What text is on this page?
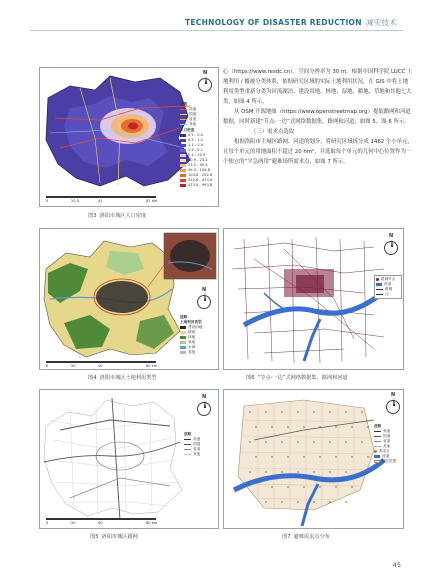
TECHNOLOGY OF DISASTER REDUCTION 减灾技术
N
道路
高速
国道
省道
其他
人口密度
0.1 - 0.5
0.5 - 1.1
1.1 - 2.4
2.4 - 5.1
5.1 - 10.9
10.9 - 23.2
23.2 - 49.3
49.3 - 104.8
104.8 - 222.6
222.6 - 473.0
473.0 - 993.8
0	20.5	41	82 km
图3 洛阳市城区人口密度

心（https://www.resdc.cn），空间分辨率为 30 m。根据中国科学院 LUCC 土地利用 / 覆被分类体系，依据研究区域的实际土地利用状况，在 GIS 中将土地利用类型重新分类为河流湖泊、建设用地、林地、湿地、耕地、草地和其他七大类，如图 4 所示。

从 OSM 开源地图（https://www.openstreetmap.org）提取路网和河道数据，同时新建“节点-一边”式网络数据集，路网和河道，如图 5、图 6 所示。

（三）需求点选取

根据洛阳市主城区路网、河道的划分，将研究区域拆分成 1462 个小单元，且每个单元的用地面积不超过 20 hm²，并选取每个单元的几何中心位置作为一个独立的“平急两用”避难场所需求点，如图 7 所示。

N
道路
土地利用类型
建设用地
耕地
林地
草地
水域
其他
0	20	40	80 km
图4 洛阳市城区土地利用类型
N
路网节点
河道
路网
边
图6 “节点-一边”式网络数据集、路网和河道
N
道路
高速
国道
省道
其他
0	20	40	80 km
图5 洛阳市城区路网
N
道路
高速
国道
省道
其他
需求点
河道
城区范围
图7 避难需求点分布
45
